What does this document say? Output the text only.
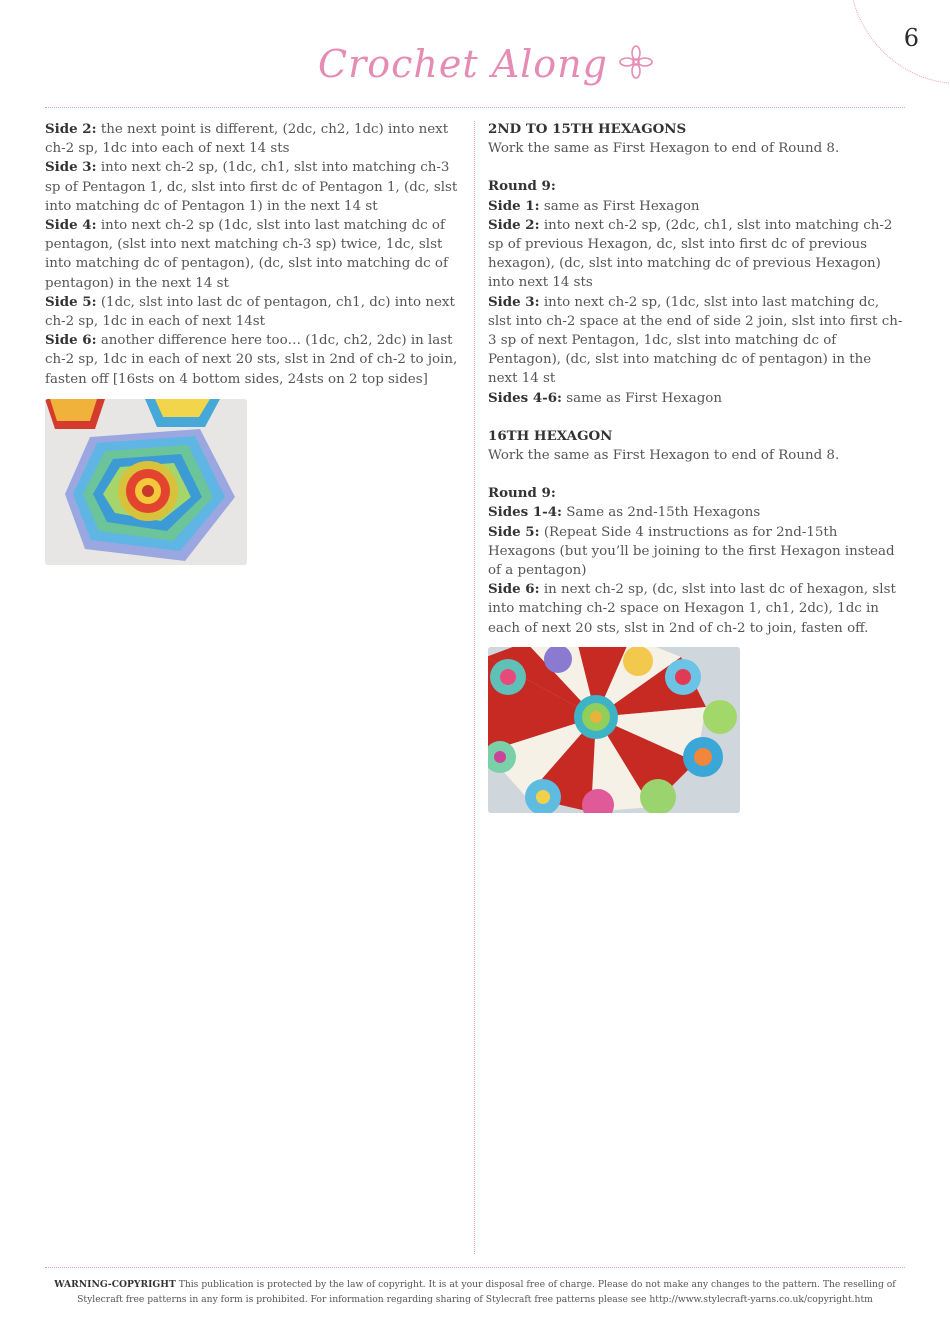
6
Crochet Along

Side 2: the next point is different, (2dc, ch2, 1dc) into next ch-2 sp, 1dc into each of next 14 sts

Side 3: into next ch-2 sp, (1dc, ch1, slst into matching ch-3 sp of Pentagon 1, dc, slst into first dc of Pentagon 1, (dc, slst into matching dc of Pentagon 1) in the next 14 st

Side 4: into next ch-2 sp (1dc, slst into last matching dc of pentagon, (slst into next matching ch-3 sp) twice, 1dc, slst into matching dc of pentagon), (dc, slst into matching dc of pentagon) in the next 14 st

Side 5: (1dc, slst into last dc of pentagon, ch1, dc) into next ch-2 sp, 1dc in each of next 14st

Side 6: another difference here too… (1dc, ch2, 2dc) in last ch-2 sp, 1dc in each of next 20 sts, slst in 2nd of ch-2 to join, fasten off [16sts on 4 bottom sides, 24sts on 2 top sides]

2ND TO 15TH HEXAGONS

Work the same as First Hexagon to end of Round 8.

Round 9:

Side 1: same as First Hexagon

Side 2: into next ch-2 sp, (2dc, ch1, slst into matching ch-2 sp of previous Hexagon, dc, slst into first dc of previous hexagon), (dc, slst into matching dc of previous Hexagon) into next 14 sts

Side 3: into next ch-2 sp, (1dc, slst into last matching dc, slst into ch-2 space at the end of side 2 join, slst into first ch-3 sp of next Pentagon, 1dc, slst into matching dc of Pentagon), (dc, slst into matching dc of pentagon) in the next 14 st

Sides 4-6: same as First Hexagon

16TH HEXAGON

Work the same as First Hexagon to end of Round 8.

Round 9:

Sides 1-4: Same as 2nd-15th Hexagons

Side 5: (Repeat Side 4 instructions as for 2nd-15th Hexagons (but you’ll be joining to the first Hexagon instead of a pentagon)

Side 6: in next ch-2 sp, (dc, slst into last dc of hexagon, slst into matching ch-2 space on Hexagon 1, ch1, 2dc), 1dc in each of next 20 sts, slst in 2nd of ch-2 to join, fasten off.

WARNING-COPYRIGHT This publication is protected by the law of copyright. It is at your disposal free of charge. Please do not make any changes to the pattern. The reselling of Stylecraft free patterns in any form is prohibited. For information regarding sharing of Stylecraft free patterns please see http://www.stylecraft-yarns.co.uk/copyright.htm
